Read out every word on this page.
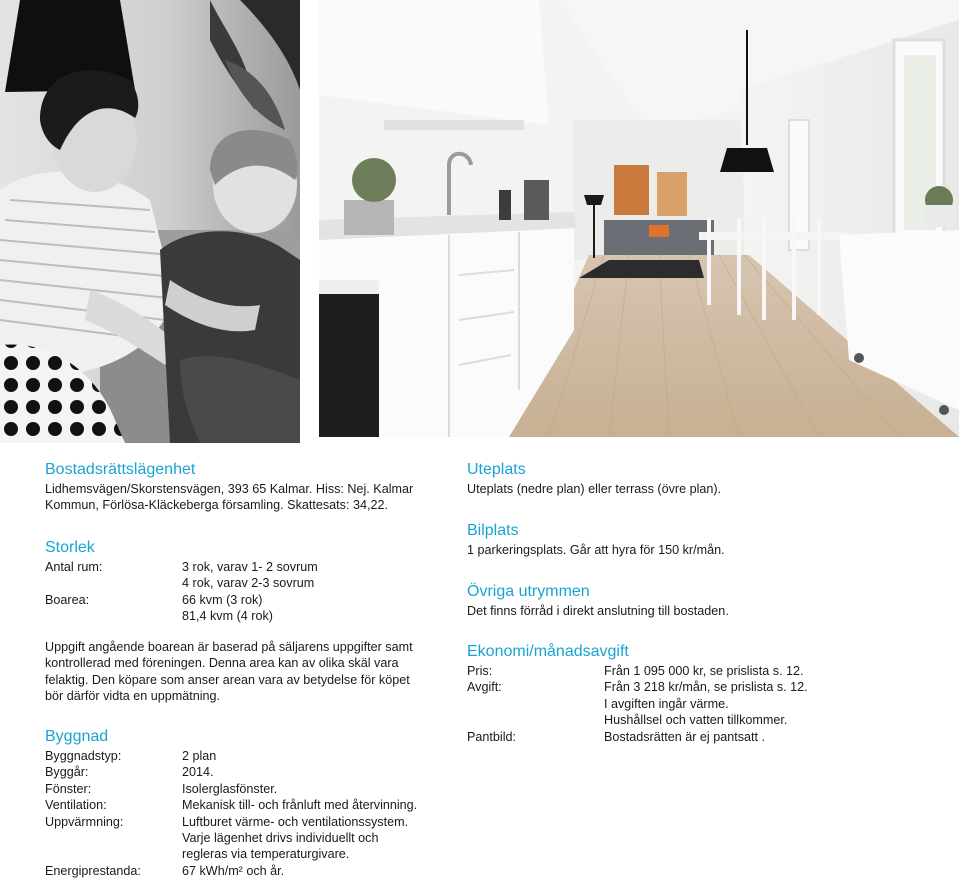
Bostadsrättslägenhet
Lidhemsvägen/Skorstensvägen, 393 65 Kalmar. Hiss: Nej. Kalmar
Kommun, Förlösa-Kläckeberga församling. Skattesats: 34,22.
Storlek
Antal rum:	3 rok, varav 1- 2 sovrum
4 rok, varav 2-3 sovrum
Boarea:	66 kvm (3 rok)
81,4 kvm (4 rok)
Uppgift angående boarean är baserad på säljarens uppgifter samt
kontrollerad med föreningen. Denna area kan av olika skäl vara
felaktig. Den köpare som anser arean vara av betydelse för köpet
bör därför vidta en uppmätning.
Byggnad
Byggnadstyp:	2 plan
Byggår:	2014.
Fönster:	Isolerglasfönster.
Ventilation:	Mekanisk till- och frånluft med återvinning.
Uppvärmning:	Luftburet värme- och ventilationssystem.
Varje lägenhet drivs individuellt och
regleras via temperaturgivare.
Energiprestanda:	67 kWh/m² och år.
Uteplats
Uteplats (nedre plan) eller terrass (övre plan).
Bilplats
1 parkeringsplats. Går att hyra för 150 kr/mån.
Övriga utrymmen
Det finns förråd i direkt anslutning till bostaden.
Ekonomi/månadsavgift
Pris:	Från 1 095 000 kr, se prislista s. 12.
Avgift:	Från 3 218 kr/mån, se prislista s. 12.
I avgiften ingår värme.
Hushållsel och vatten tillkommer.
Pantbild:	Bostadsrätten är ej pantsatt .
